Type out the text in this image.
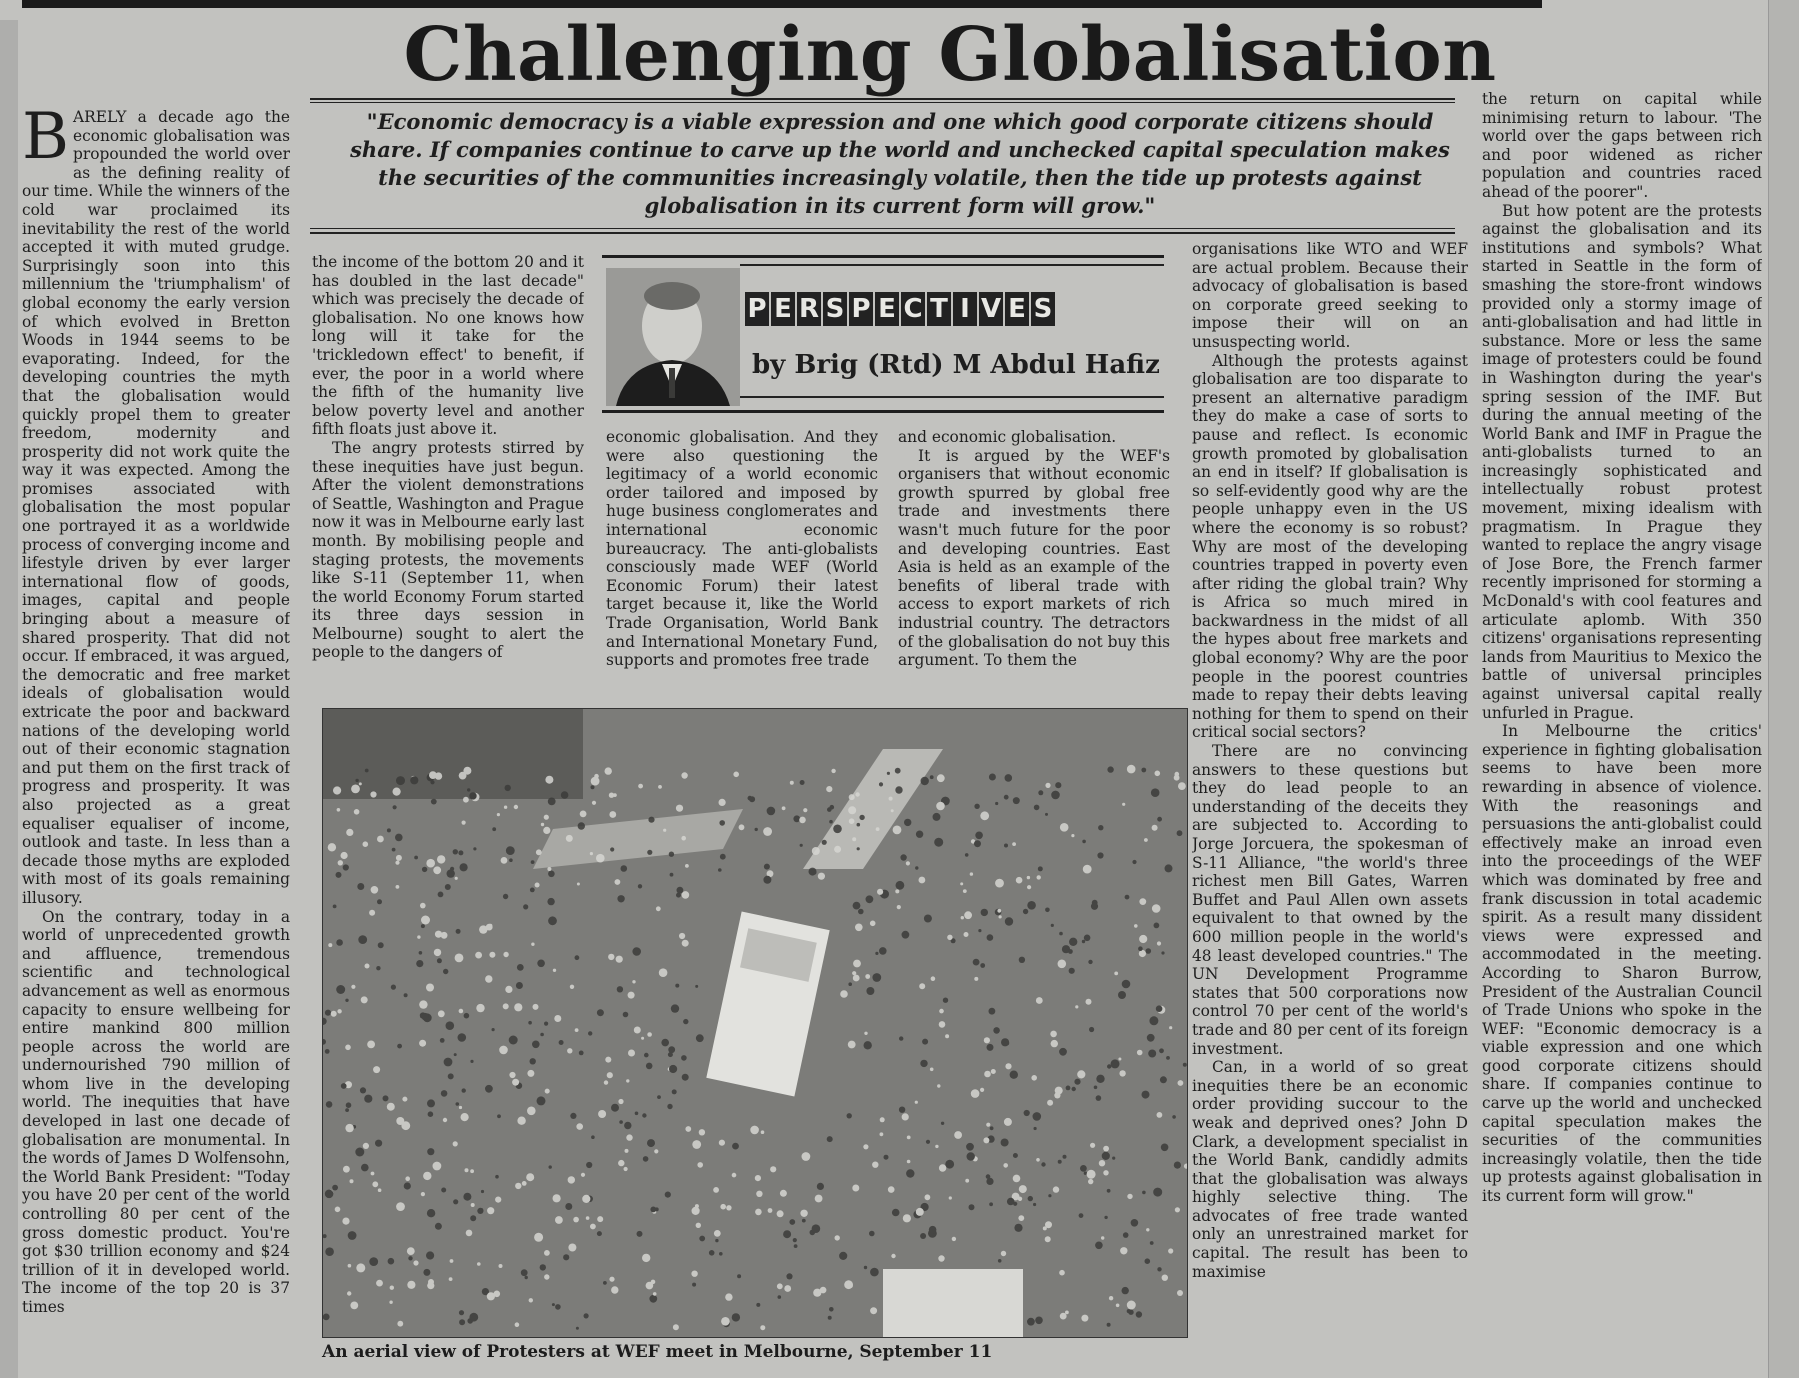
Challenging Globalisation

"Economic democracy is a viable expression and one which good corporate citizens should share. If companies continue to carve up the world and unchecked capital speculation makes the securities of the communities increasingly volatile, then the tide up protests against globalisation in its current form will grow."

BARELY a decade ago the economic globalisation was propounded the world over as the defining reality of our time. While the winners of the cold war proclaimed its inevitability the rest of the world accepted it with muted grudge. Surprisingly soon into this millennium the 'triumphalism' of global economy the early version of which evolved in Bretton Woods in 1944 seems to be evaporating. Indeed, for the developing countries the myth that the globalisation would quickly propel them to greater freedom, modernity and prosperity did not work quite the way it was expected. Among the promises associated with globalisation the most popular one portrayed it as a worldwide process of converging income and lifestyle driven by ever larger international flow of goods, images, capital and people bringing about a measure of shared prosperity. That did not occur. If embraced, it was argued, the democratic and free market ideals of globalisation would extricate the poor and backward nations of the developing world out of their economic stagnation and put them on the first track of progress and prosperity. It was also projected as a great equaliser equaliser of income, outlook and taste. In less than a decade those myths are exploded with most of its goals remaining illusory.

On the contrary, today in a world of unprecedented growth and affluence, tremendous scientific and technological advancement as well as enormous capacity to ensure wellbeing for entire mankind 800 million people across the world are undernourished 790 million of whom live in the developing world. The inequities that have developed in last one decade of globalisation are monumental. In the words of James D Wolfensohn, the World Bank President: "Today you have 20 per cent of the world controlling 80 per cent of the gross domestic product. You're got $30 trillion economy and $24 trillion of it in developed world. The income of the top 20 is 37 times

the income of the bottom 20 and it has doubled in the last decade" which was precisely the decade of globalisation. No one knows how long will it take for the 'trickledown effect' to benefit, if ever, the poor in a world where the fifth of the humanity live below poverty level and another fifth floats just above it.

The angry protests stirred by these inequities have just begun. After the violent demonstrations of Seattle, Washington and Prague now it was in Melbourne early last month. By mobilising people and staging protests, the movements like S-11 (September 11, when the world Economy Forum started its three days session in Melbourne) sought to alert the people to the dangers of

P E R S P E C T I V E S
by Brig (Rtd) M Abdul Hafiz

economic globalisation. And they were also questioning the legitimacy of a world economic order tailored and imposed by huge business conglomerates and international economic bureaucracy. The anti-globalists consciously made WEF (World Economic Forum) their latest target because it, like the World Trade Organisation, World Bank and International Monetary Fund, supports and promotes free trade

and economic globalisation.

It is argued by the WEF's organisers that without economic growth spurred by global free trade and investments there wasn't much future for the poor and developing countries. East Asia is held as an example of the benefits of liberal trade with access to export markets of rich industrial country. The detractors of the globalisation do not buy this argument. To them the

organisations like WTO and WEF are actual problem. Because their advocacy of globalisation is based on corporate greed seeking to impose their will on an unsuspecting world.

Although the protests against globalisation are too disparate to present an alternative paradigm they do make a case of sorts to pause and reflect. Is economic growth promoted by globalisation an end in itself? If globalisation is so self-evidently good why are the people unhappy even in the US where the economy is so robust? Why are most of the developing countries trapped in poverty even after riding the global train? Why is Africa so much mired in backwardness in the midst of all the hypes about free markets and global economy? Why are the poor people in the poorest countries made to repay their debts leaving nothing for them to spend on their critical social sectors?

There are no convincing answers to these questions but they do lead people to an understanding of the deceits they are subjected to. According to Jorge Jorcuera, the spokesman of S-11 Alliance, "the world's three richest men Bill Gates, Warren Buffet and Paul Allen own assets equivalent to that owned by the 600 million people in the world's 48 least developed countries." The UN Development Programme states that 500 corporations now control 70 per cent of the world's trade and 80 per cent of its foreign investment.

Can, in a world of so great inequities there be an economic order providing succour to the weak and deprived ones? John D Clark, a development specialist in the World Bank, candidly admits that the globalisation was always highly selective thing. The advocates of free trade wanted only an unrestrained market for capital. The result has been to maximise

the return on capital while minimising return to labour. 'The world over the gaps between rich and poor widened as richer population and countries raced ahead of the poorer".

But how potent are the protests against the globalisation and its institutions and symbols? What started in Seattle in the form of smashing the store-front windows provided only a stormy image of anti-globalisation and had little in substance. More or less the same image of protesters could be found in Washington during the year's spring session of the IMF. But during the annual meeting of the World Bank and IMF in Prague the anti-globalists turned to an increasingly sophisticated and intellectually robust protest movement, mixing idealism with pragmatism. In Prague they wanted to replace the angry visage of Jose Bore, the French farmer recently imprisoned for storming a McDonald's with cool features and articulate aplomb. With 350 citizens' organisations representing lands from Mauritius to Mexico the battle of universal principles against universal capital really unfurled in Prague.

In Melbourne the critics' experience in fighting globalisation seems to have been more rewarding in absence of violence. With the reasonings and persuasions the anti-globalist could effectively make an inroad even into the proceedings of the WEF which was dominated by free and frank discussion in total academic spirit. As a result many dissident views were expressed and accommodated in the meeting. According to Sharon Burrow, President of the Australian Council of Trade Unions who spoke in the WEF: "Economic democracy is a viable expression and one which good corporate citizens should share. If companies continue to carve up the world and unchecked capital speculation makes the securities of the communities increasingly volatile, then the tide up protests against globalisation in its current form will grow."

An aerial view of Protesters at WEF meet in Melbourne, September 11
